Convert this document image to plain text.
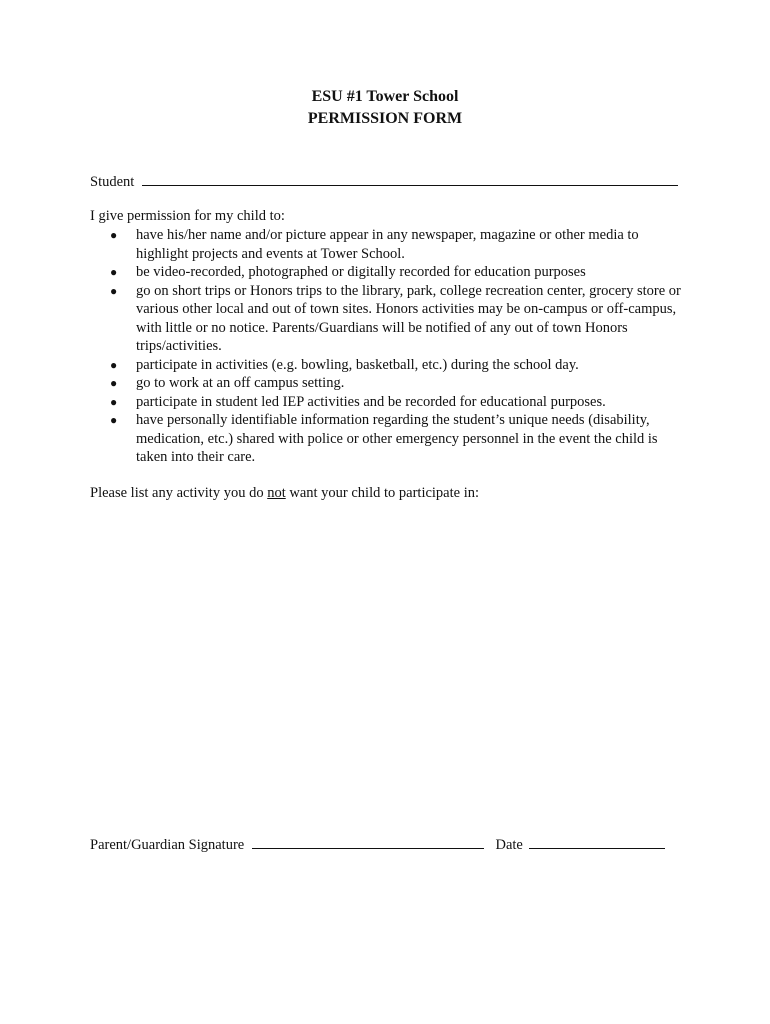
ESU #1 Tower School
PERMISSION FORM
Student
I give permission for my child to:
●	have his/her name and/or picture appear in any newspaper, magazine or other media to highlight projects and events at Tower School.
●	be video-recorded, photographed or digitally recorded for education purposes
●	go on short trips or Honors trips to the library, park, college recreation center, grocery store or various other local and out of town sites. Honors activities may be on-campus or off-campus, with little or no notice. Parents/Guardians will be notified of any out of town Honors trips/activities.
●	participate in activities (e.g. bowling, basketball, etc.) during the school day.
●	go to work at an off campus setting.
●	participate in student led IEP activities and be recorded for educational purposes.
●	have personally identifiable information regarding the student’s unique needs (disability, medication, etc.) shared with police or other emergency personnel in the event the child is taken into their care.
Please list any activity you do not want your child to participate in:
Parent/Guardian Signature	Date
